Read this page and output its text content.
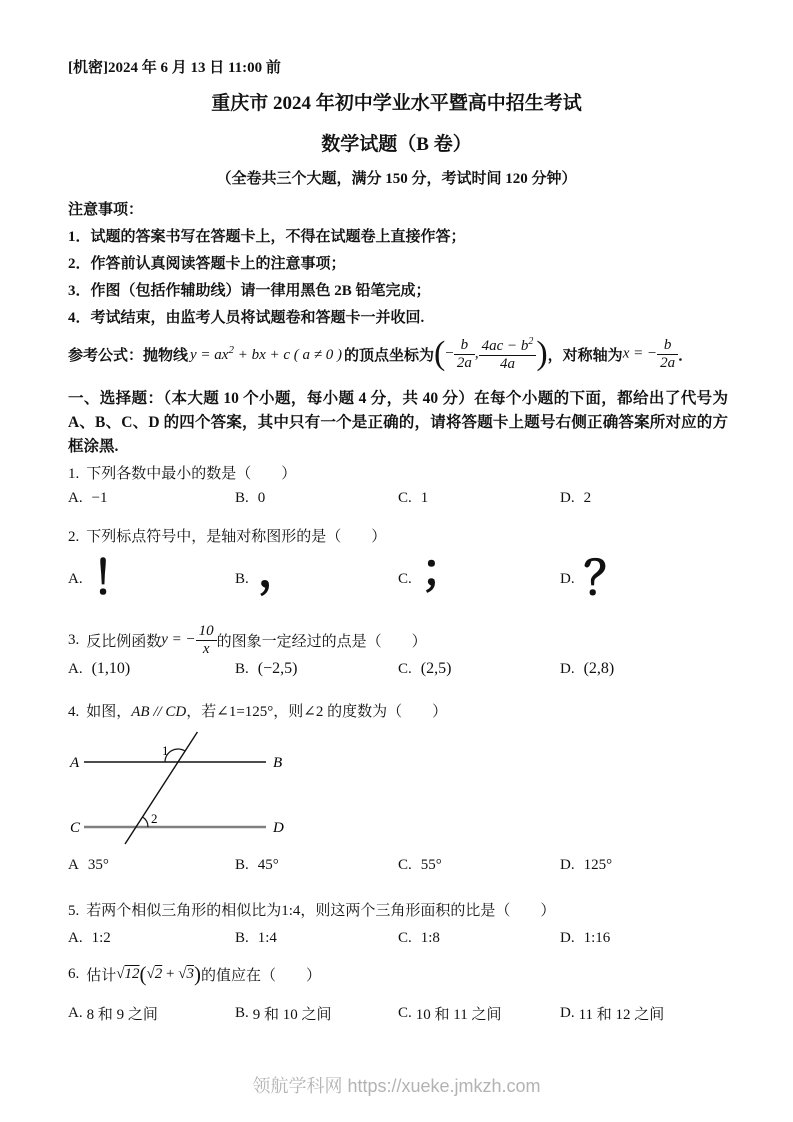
[机密]2024 年 6 月 13 日 11:00 前
重庆市 2024 年初中学业水平暨高中招生考试
数学试题（B 卷）
（全卷共三个大题，满分 150 分，考试时间 120 分钟）
注意事项：
1．试题的答案书写在答题卡上，不得在试题卷上直接作答；
2．作答前认真阅读答题卡上的注意事项；
3．作图（包括作辅助线）请一律用黑色 2B 铅笔完成；
4．考试结束，由监考人员将试题卷和答题卡一并收回.
参考公式：抛物线 $y = ax^2$ + bx + c ( a ≠ 0 ) 的顶点坐标为 (− $\frac{b}{2a}$ , $\frac{4ac - b^2}{4a}$ ) ，对称轴为 x = − $\frac{b}{2a}$ ．
一、选择题：（本大题 10 个小题，每小题 4 分，共 40 分）在每个小题的下面，都给出了代号为 A、B、C、D 的四个答案，其中只有一个是正确的，请将答题卡上题号右侧正确答案所对应的方框涂黑.
1. 下列各数中最小的数是（　　）
A. −1	B. 0	C. 1	D. 2
2. 下列标点符号中，是轴对称图形的是（　　）
A. ！	B. ，	C. ；	D. ？
3. 反比例函数 y = − $\frac{10}{x}$ 的图象一定经过的点是（　　）
A. (1,10)	B. (−2,5)	C. (2,5)	D. (2,8)
4. 如图，AB // CD，若∠1=125°，则∠2 的度数为（　　）
A	B
C	D
1
2
A 35°	B. 45°	C. 55°	D. 125°
5. 若两个相似三角形的相似比为1:4，则这两个三角形面积的比是（　　）
A. 1:2	B. 1:4	C. 1:8	D. 1:16
6. 估计 √12(√2 + √3) 的值应在（　　）
A. 8 和 9 之间	B. 9 和 10 之间	C. 10 和 11 之间	D. 11 和 12 之间
领航学科网 https://xueke.jmkzh.com
